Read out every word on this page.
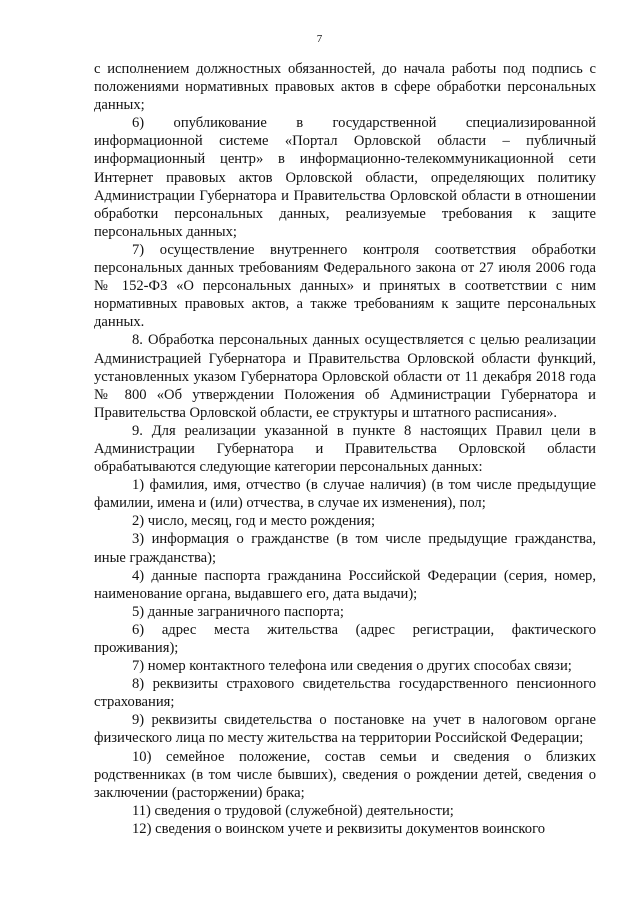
7

с исполнением должностных обязанностей, до начала работы под подпись с положениями нормативных правовых актов в сфере обработки персональных данных;

6) опубликование в государственной специализированной информационной системе «Портал Орловской области – публичный информационный центр» в информационно-телекоммуникационной сети Интернет правовых актов Орловской области, определяющих политику Администрации Губернатора и Правительства Орловской области в отношении обработки персональных данных, реализуемые требования к защите персональных данных;

7) осуществление внутреннего контроля соответствия обработки персональных данных требованиям Федерального закона от 27 июля 2006 года № 152-ФЗ «О персональных данных» и принятых в соответствии с ним нормативных правовых актов, а также требованиям к защите персональных данных.

8. Обработка персональных данных осуществляется с целью реализации Администрацией Губернатора и Правительства Орловской области функций, установленных указом Губернатора Орловской области от 11 декабря 2018 года № 800 «Об утверждении Положения об Администрации Губернатора и Правительства Орловской области, ее структуры и штатного расписания».

9. Для реализации указанной в пункте 8 настоящих Правил цели в Администрации Губернатора и Правительства Орловской области обрабатываются следующие категории персональных данных:

1) фамилия, имя, отчество (в случае наличия) (в том числе предыдущие фамилии, имена и (или) отчества, в случае их изменения), пол;

2) число, месяц, год и место рождения;

3) информация о гражданстве (в том числе предыдущие гражданства, иные гражданства);

4) данные паспорта гражданина Российской Федерации (серия, номер, наименование органа, выдавшего его, дата выдачи);

5) данные заграничного паспорта;

6) адрес места жительства (адрес регистрации, фактического проживания);

7) номер контактного телефона или сведения о других способах связи;

8) реквизиты страхового свидетельства государственного пенсионного страхования;

9) реквизиты свидетельства о постановке на учет в налоговом органе физического лица по месту жительства на территории Российской Федерации;

10) семейное положение, состав семьи и сведения о близких родственниках (в том числе бывших), сведения о рождении детей, сведения о заключении (расторжении) брака;

11) сведения о трудовой (служебной) деятельности;

12) сведения о воинском учете и реквизиты документов воинского
